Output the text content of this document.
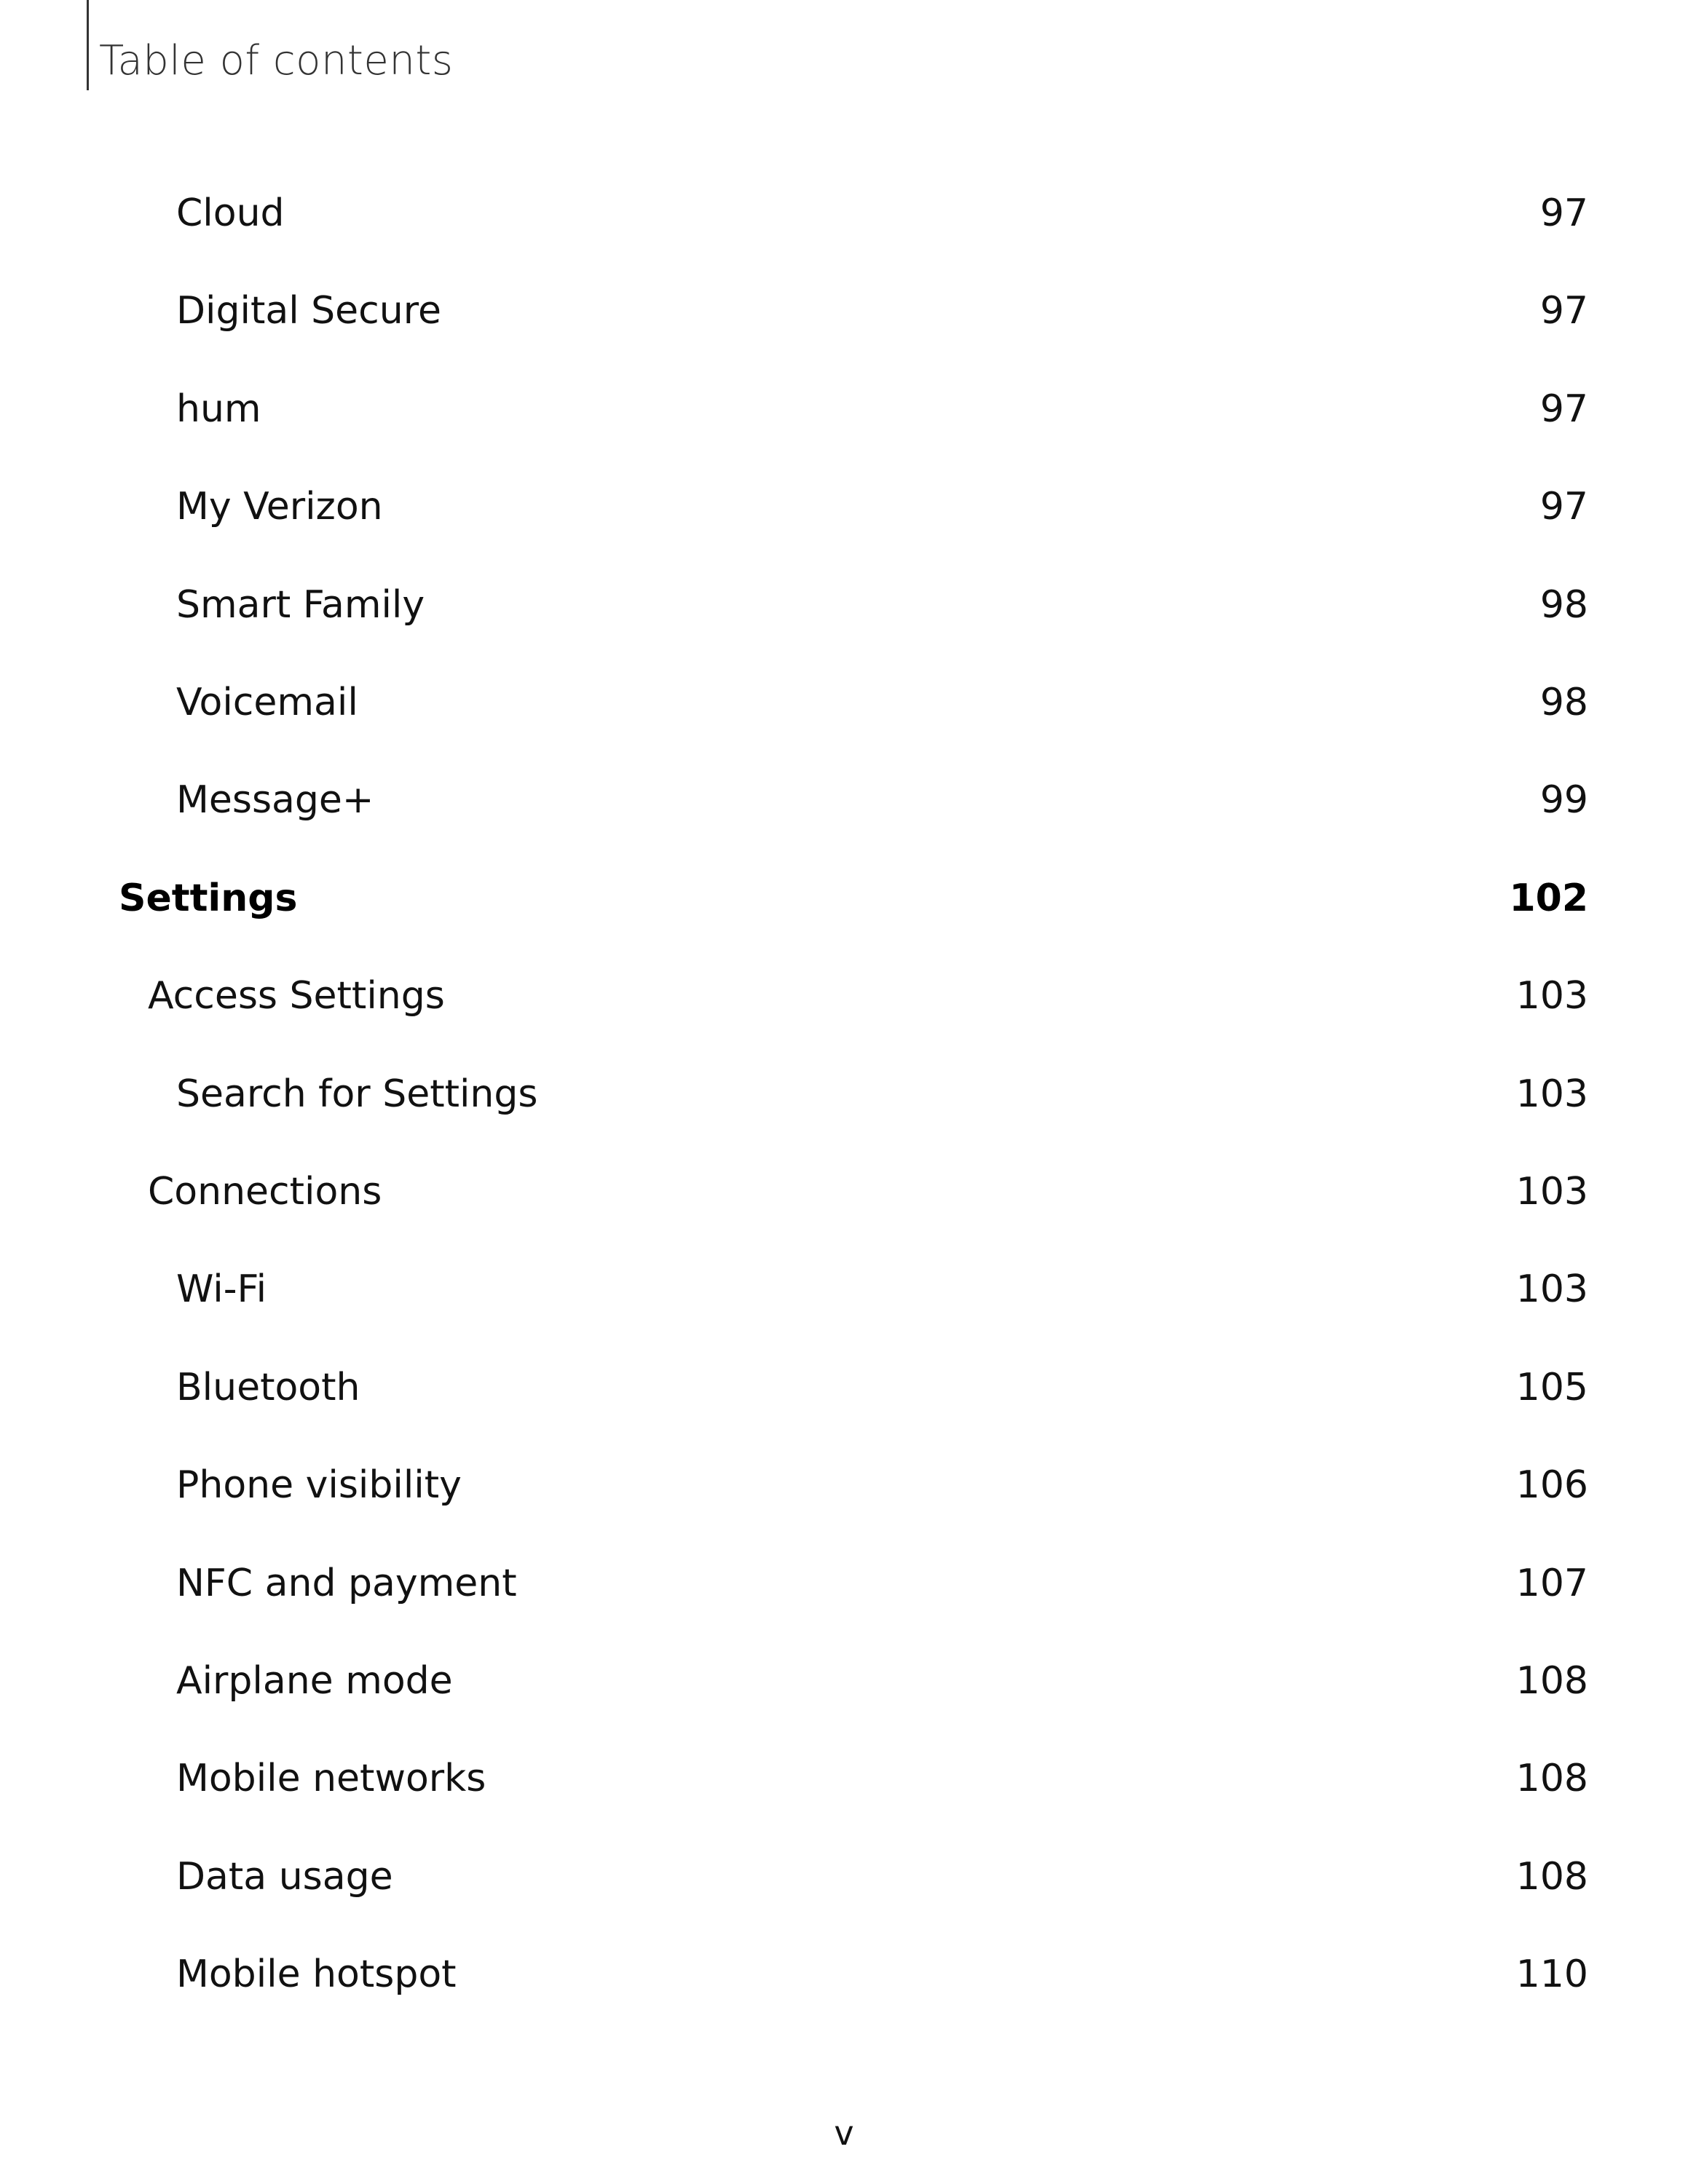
Table of contents
Cloud	97
Digital Secure	97
hum	97
My Verizon	97
Smart Family	98
Voicemail	98
Message+	99
Settings	102
Access Settings	103
Search for Settings	103
Connections	103
Wi-Fi	103
Bluetooth	105
Phone visibility	106
NFC and payment	107
Airplane mode	108
Mobile networks	108
Data usage	108
Mobile hotspot	110
v
